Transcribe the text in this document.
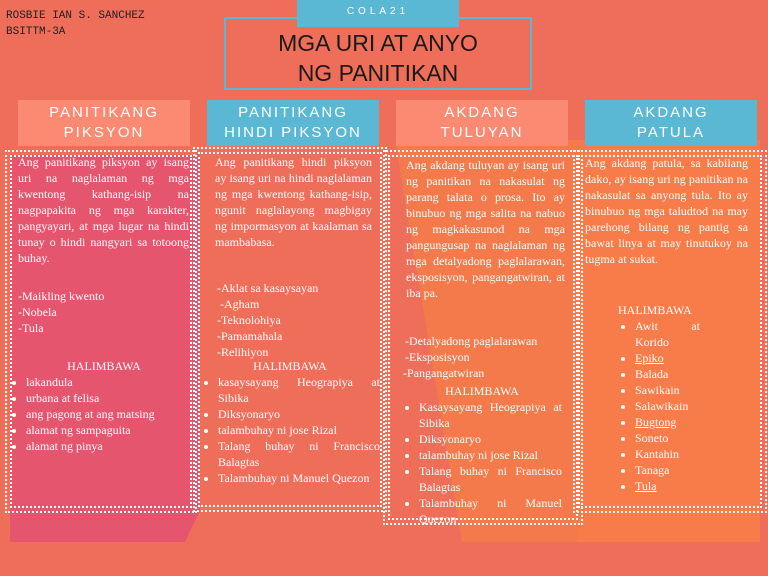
ROSBIE IAN S. SANCHEZ
BSITTM-3A
COLA21
MGA URI AT ANYO
NG PANITIKAN
PANITIKANG
PIKSYON
PANITIKANG
HINDI PIKSYON
AKDANG
TULUYAN
AKDANG
PATULA
Ang panitikang piksyon ay isang uri na naglalaman ng mga kwentong kathang-isip na nagpapakita ng mga karakter, pangyayari, at mga lugar na hindi tunay o hindi nangyari sa totoong buhay.

-Maikling kwento

-Nobela

-Tula

HALIMBAWA
• lakandula
• urbana at felisa
• ang pagong at ang matsing
• alamat ng sampaguita
• alamat ng pinya
Ang panitikang hindi piksyon ay isang uri na hindi naglalaman ng mga kwentong kathang-isip, ngunit naglalayong magbigay ng impormasyon at kaalaman sa mambabasa.

-Aklat sa kasaysayan

-Agham

-Teknolohiya

-Pamamahala

-Relihiyon

HALIMBAWA
• kasaysayang Heograpiya at Sibika
• Diksyonaryo
• talambuhay ni jose Rizal
• Talang buhay ni Francisco Balagtas
• Talambuhay ni Manuel Quezon
Ang akdang tuluyan ay isang uri ng panitikan na nakasulat ng parang talata o prosa. Ito ay binubuo ng mga salita na nabuo ng magkakasunod na mga pangungusap na naglalaman ng mga detalyadong paglalarawan, eksposisyon, pangangatwiran, at iba pa.

-Detalyadong paglalarawan

-Eksposisyon

-Pangangatwiran

HALIMBAWA
• Kasaysayang Heograpiya at Sibika
• Diksyonaryo
• talambuhay ni jose Rizal
• Talang buhay ni Francisco Balagtas
• Talambuhay ni Manuel Quezon
Ang akdang patula, sa kabilang dako, ay isang uri ng panitikan na nakasulat sa anyong tula. Ito ay binubuo ng mga taludtod na may parehong bilang ng pantig sa bawat linya at may tinutukoy na tugma at sukat.
HALIMBAWA
• Awit at Korido
• Epiko
• Balada
• Sawikain
• Salawikain
• Bugtong
• Soneto
• Kantahin
• Tanaga
• Tula
